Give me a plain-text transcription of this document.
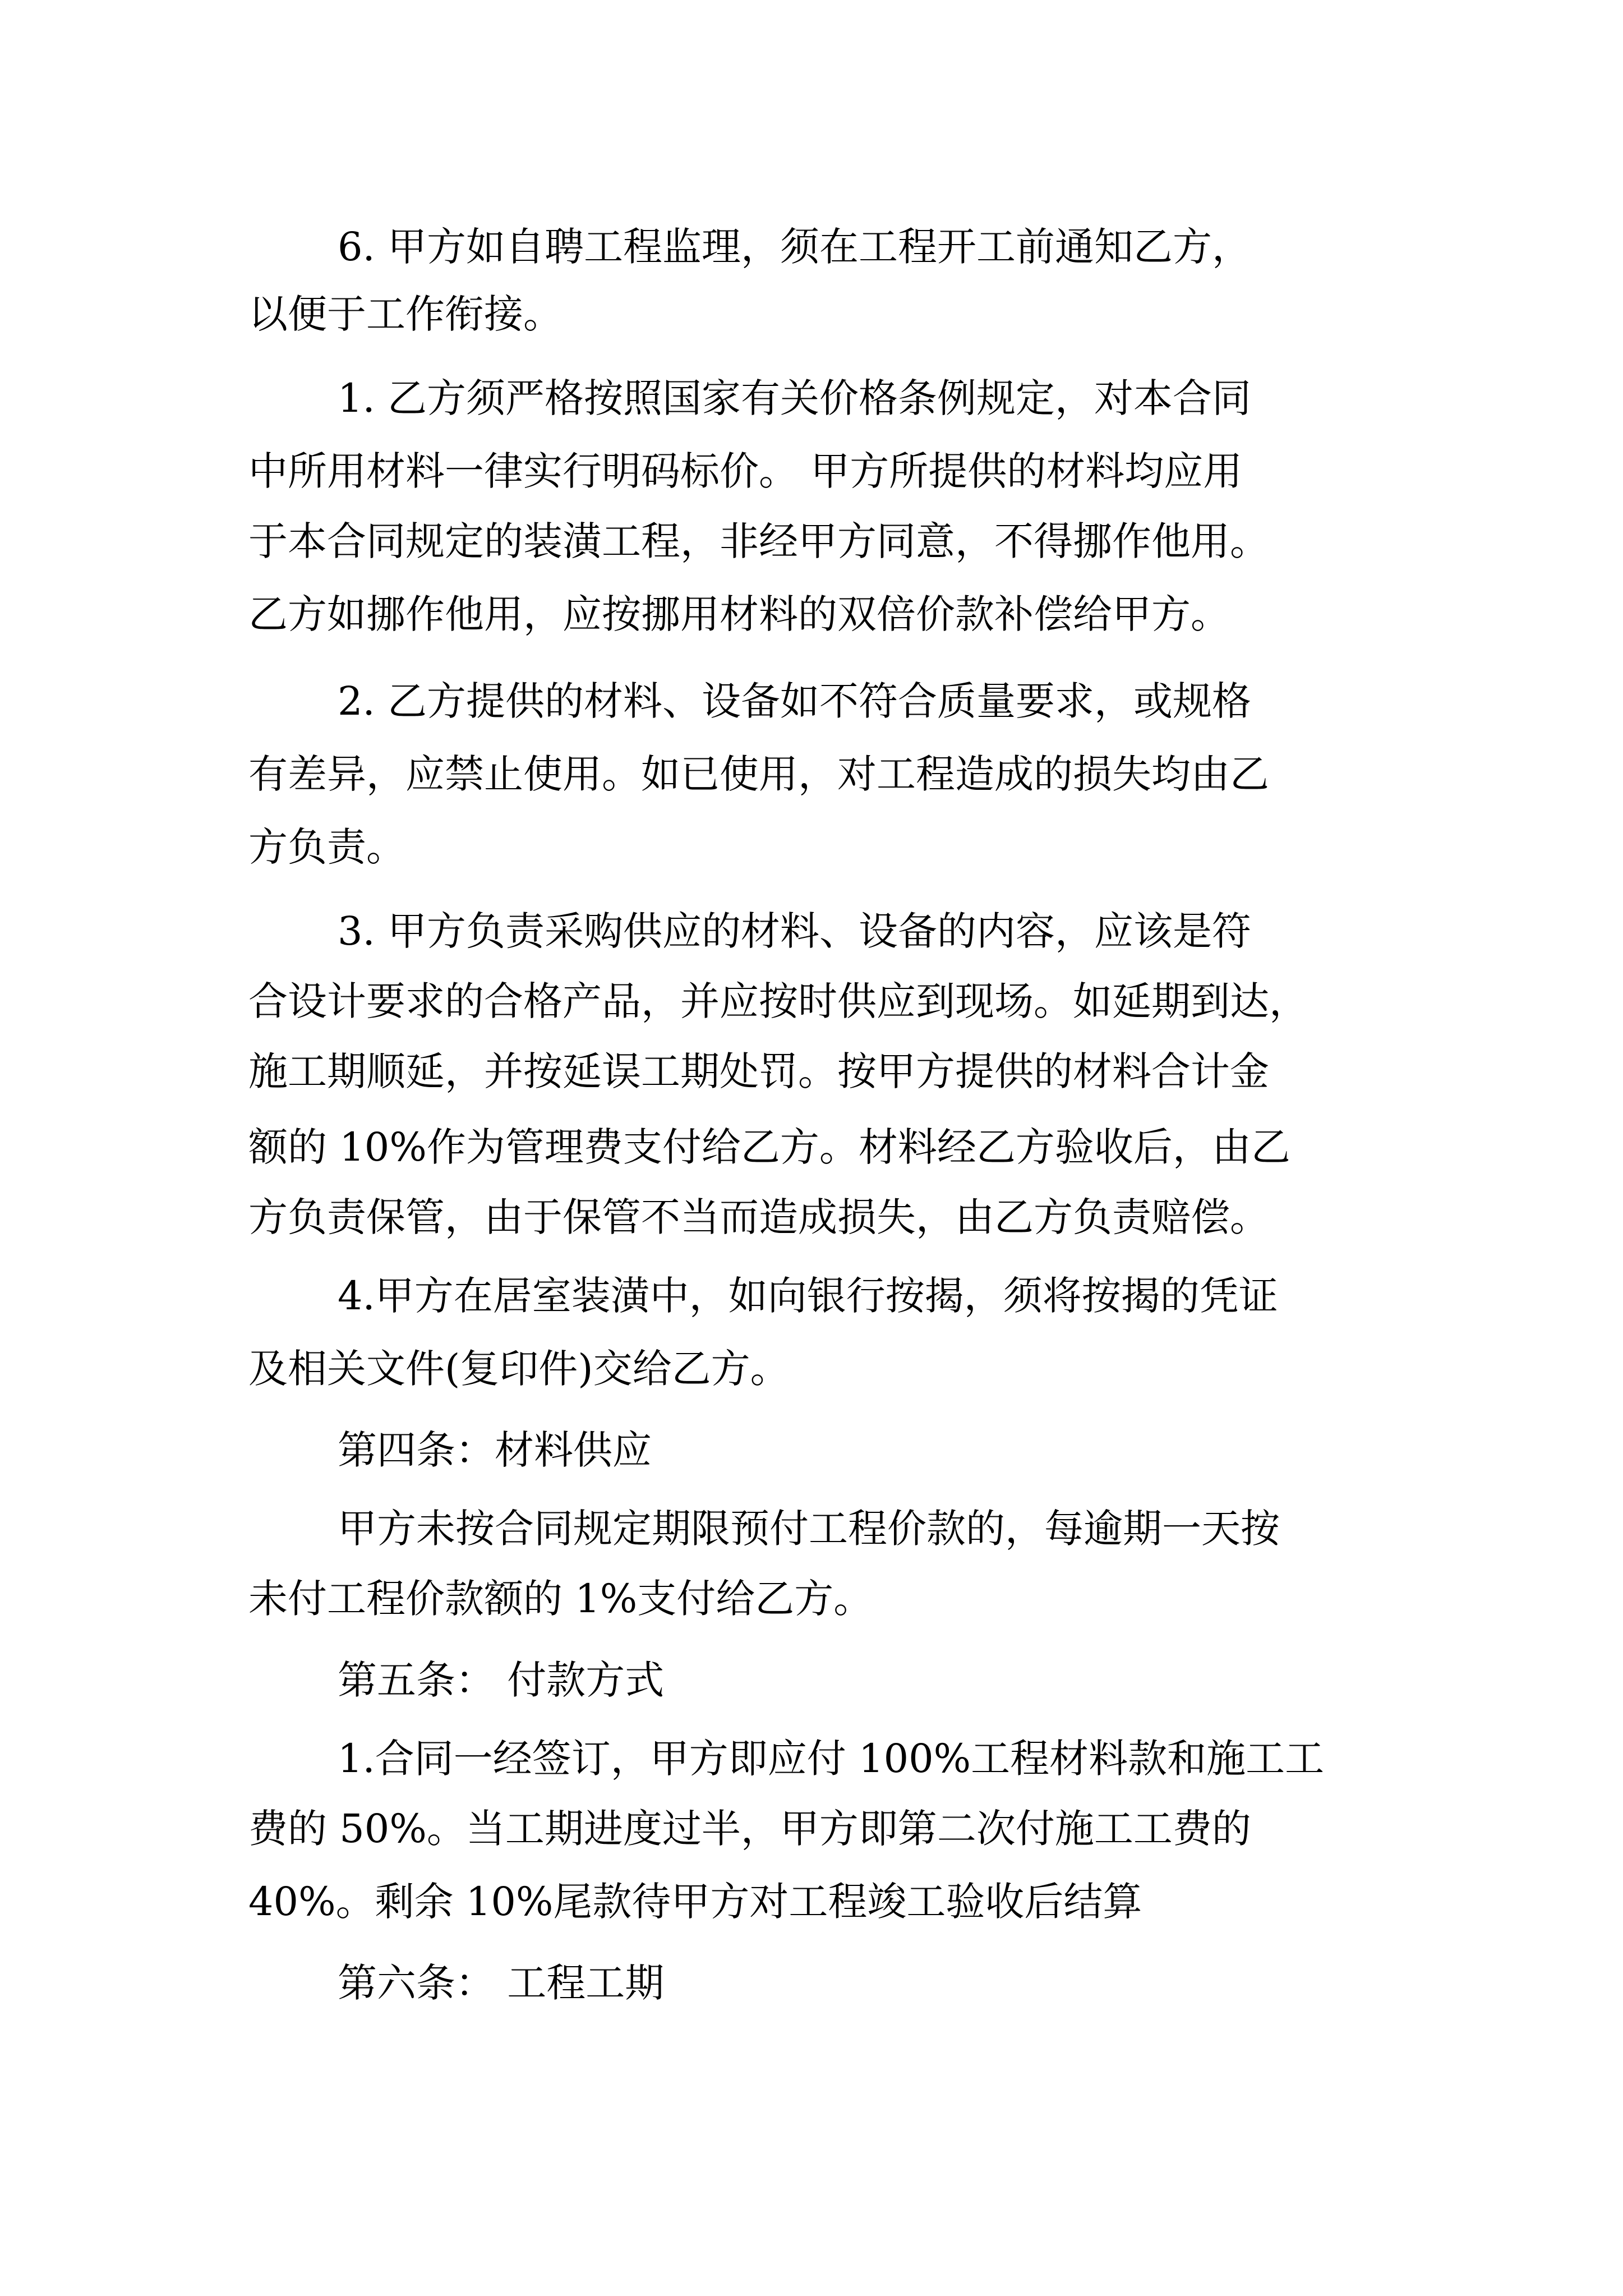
6. 甲方如自聘工程监理，须在工程开工前通知乙方，
以便于工作衔接。
1. 乙方须严格按照国家有关价格条例规定，对本合同
中所用材料一律实行明码标价。 甲方所提供的材料均应用
于本合同规定的装潢工程，非经甲方同意，不得挪作他用。
乙方如挪作他用，应按挪用材料的双倍价款补偿给甲方。
2. 乙方提供的材料、设备如不符合质量要求，或规格
有差异，应禁止使用。如已使用，对工程造成的损失均由乙
方负责。
3. 甲方负责采购供应的材料、设备的内容，应该是符
合设计要求的合格产品，并应按时供应到现场。如延期到达，
施工期顺延，并按延误工期处罚。按甲方提供的材料合计金
额的 10%作为管理费支付给乙方。材料经乙方验收后，由乙
方负责保管，由于保管不当而造成损失，由乙方负责赔偿。
4.甲方在居室装潢中，如向银行按揭，须将按揭的凭证
及相关文件(复印件)交给乙方。
第四条：材料供应
甲方未按合同规定期限预付工程价款的，每逾期一天按
未付工程价款额的 1%支付给乙方。
第五条： 付款方式
1.合同一经签订，甲方即应付 100%工程材料款和施工工
费的 50%。当工期进度过半，甲方即第二次付施工工费的
40%。剩余 10%尾款待甲方对工程竣工验收后结算
第六条： 工程工期
